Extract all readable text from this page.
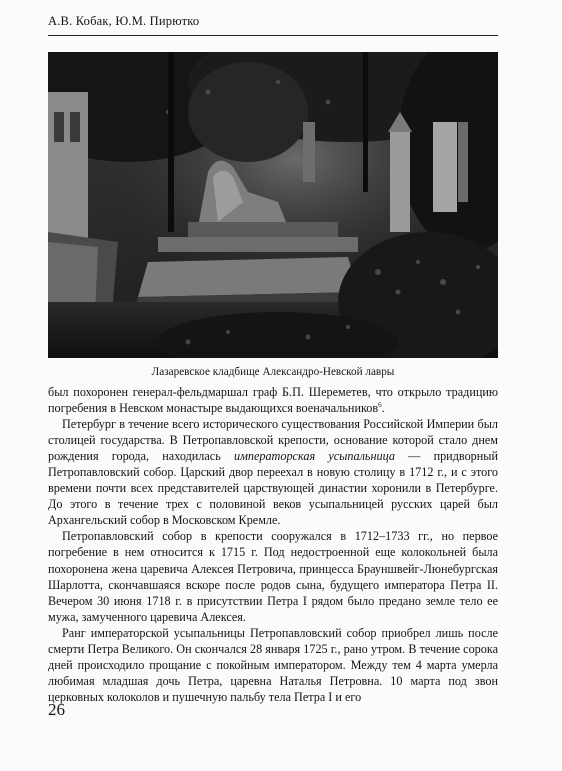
А.В. Кобак, Ю.М. Пирютко
Лазаревское кладбище Александро-Невской лавры

был похоронен генерал-фельдмаршал граф Б.П. Шереметев, что открыло традицию погребения в Невском монастыре выдающихся военачальников$^6$.

Петербург в течение всего исторического существования Российской Империи был столицей государства. В Петропавловской крепости, основание которой стало днем рождения города, находилась императорская усыпальница — придворный Петропавловский собор. Царский двор переехал в новую столицу в 1712 г., и с этого времени почти всех представителей царствующей династии хоронили в Петербурге. До этого в течение трех с половиной веков усыпальницей русских царей был Архангельский собор в Московском Кремле.

Петропавловский собор в крепости сооружался в 1712–1733 гг., но первое погребение в нем относится к 1715 г. Под недостроенной еще колокольней была похоронена жена царевича Алексея Петровича, принцесса Брауншвейг-Люнебургская Шарлотта, скончавшаяся вскоре после родов сына, будущего императора Петра II. Вечером 30 июня 1718 г. в присутствии Петра I рядом было предано земле тело ее мужа, замученного царевича Алексея.

Ранг императорской усыпальницы Петропавловский собор приобрел лишь после смерти Петра Великого. Он скончался 28 января 1725 г., рано утром. В течение сорока дней происходило прощание с покойным императором. Между тем 4 марта умерла любимая младшая дочь Петра, царевна Наталья Петровна. 10 марта под звон церковных колоколов и пушечную пальбу тела Петра I и его

26
